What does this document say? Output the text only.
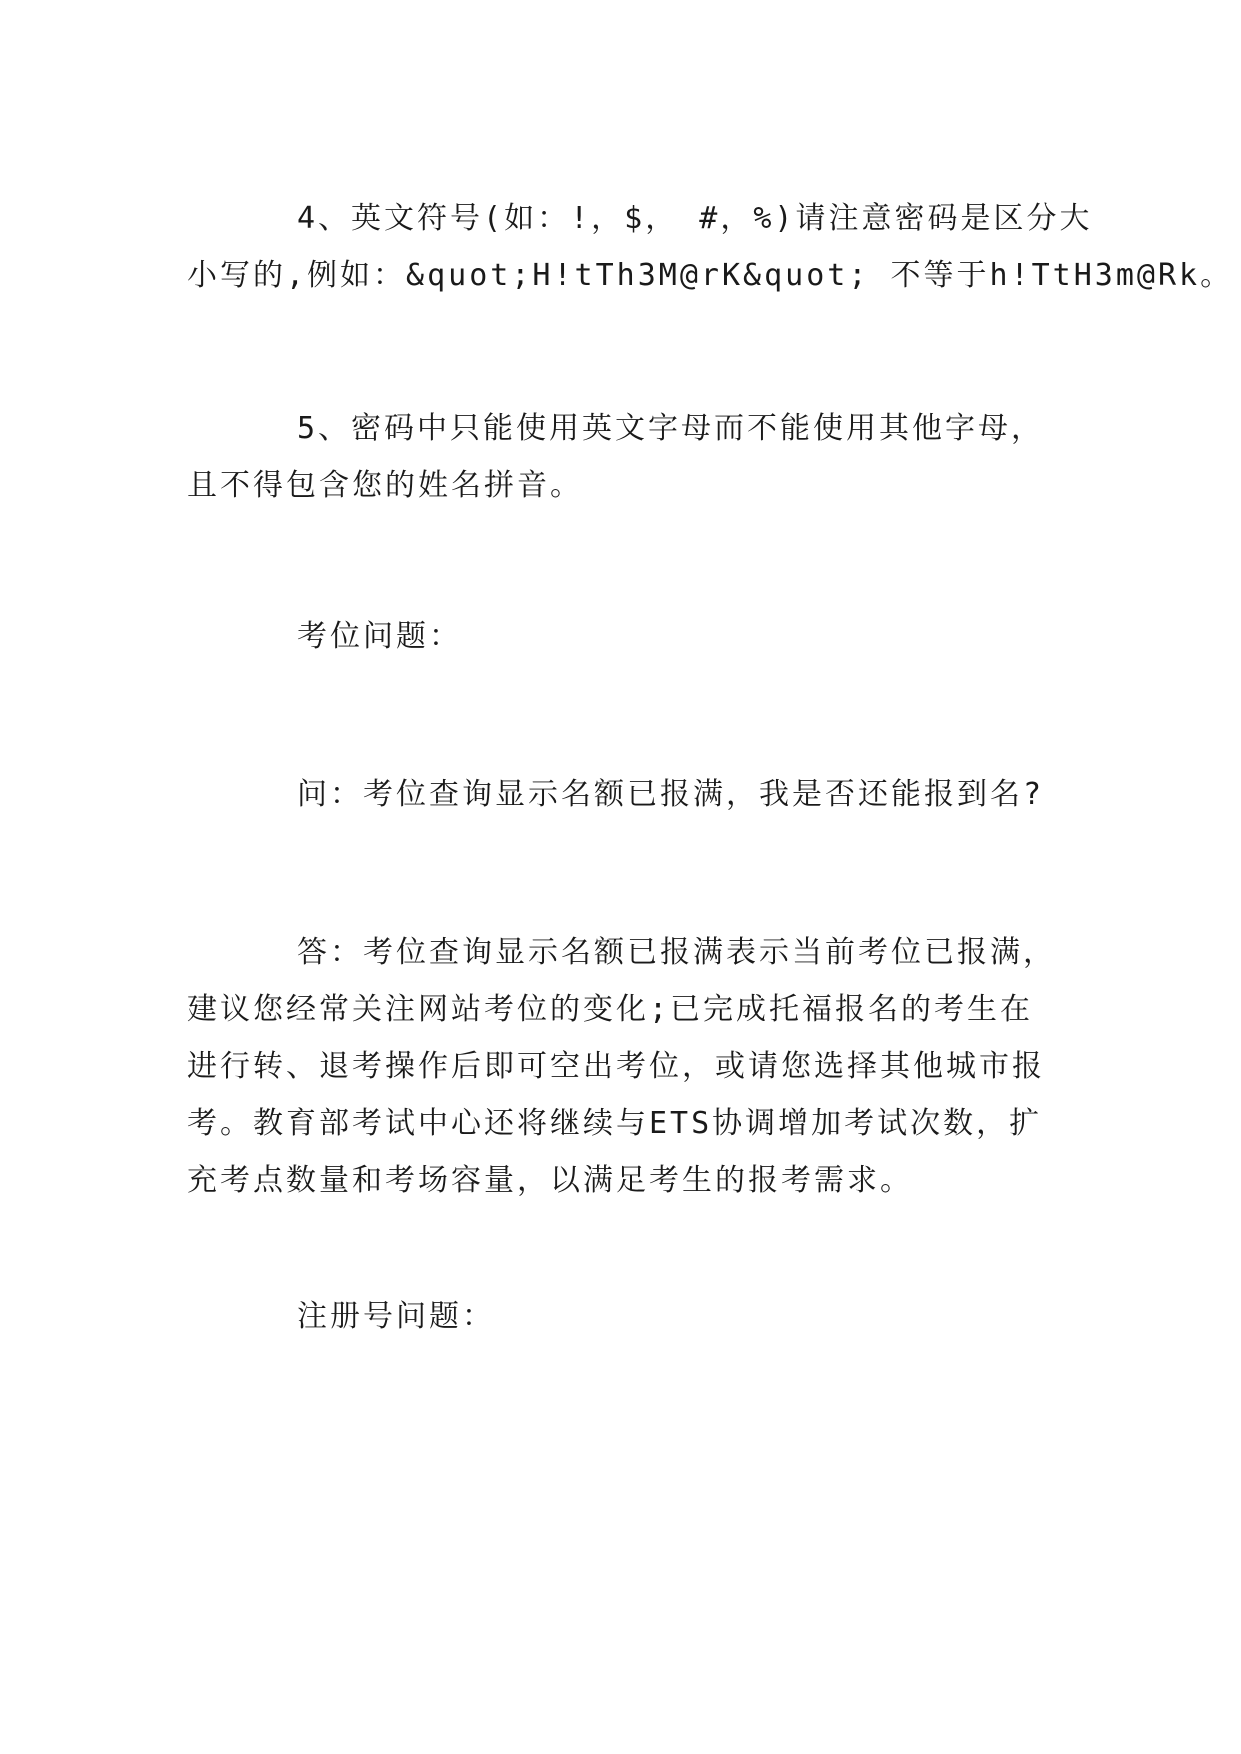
4、英文符号(如：!，$， #，%)请注意密码是区分大
小写的,例如：&quot;H!tTh3M@rK&quot; 不等于h!TtH3m@Rk。
5、密码中只能使用英文字母而不能使用其他字母，
且不得包含您的姓名拼音。
考位问题：
问：考位查询显示名额已报满，我是否还能报到名?
答：考位查询显示名额已报满表示当前考位已报满，
建议您经常关注网站考位的变化;已完成托福报名的考生在
进行转、退考操作后即可空出考位，或请您选择其他城市报
考。教育部考试中心还将继续与ETS协调增加考试次数，扩
充考点数量和考场容量，以满足考生的报考需求。
注册号问题：
